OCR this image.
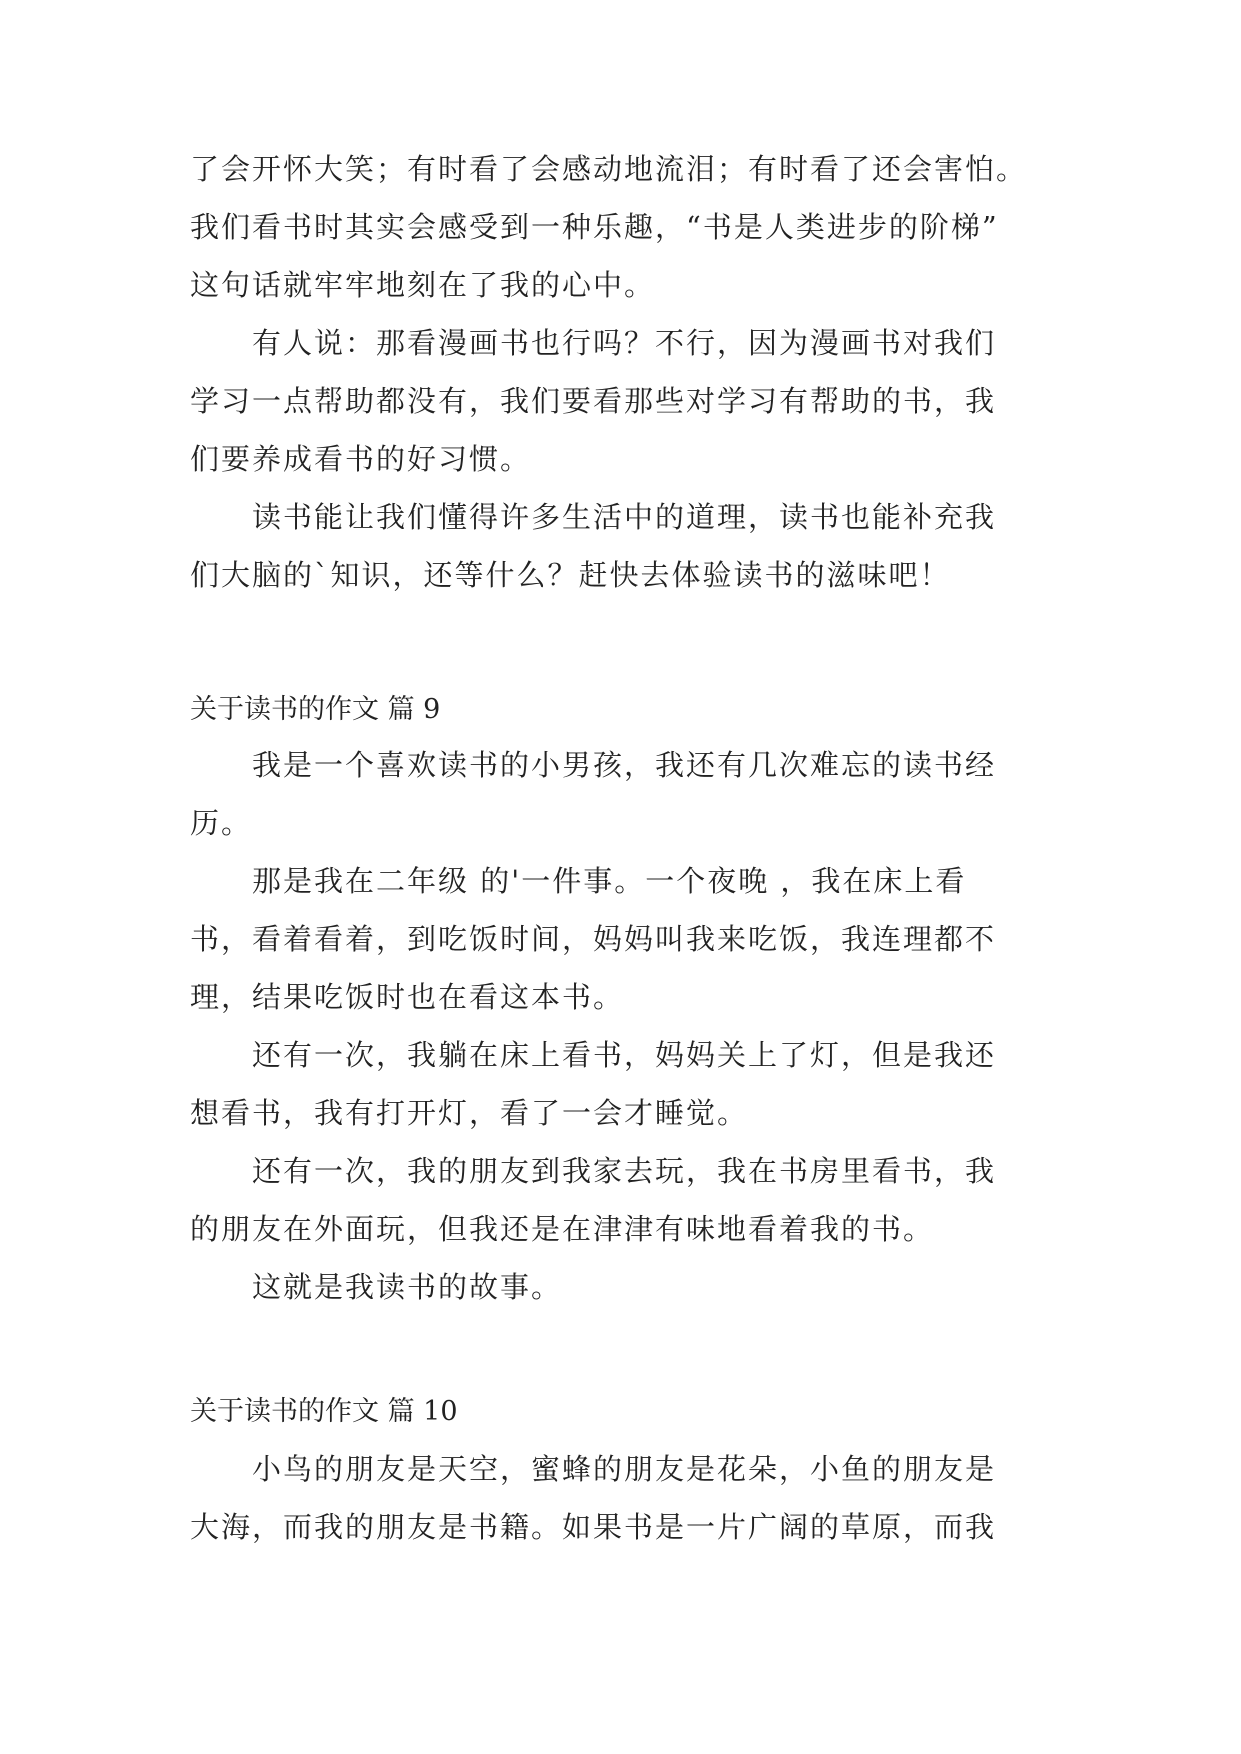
了会开怀大笑；有时看了会感动地流泪；有时看了还会害怕。
我们看书时其实会感受到一种乐趣，“书是人类进步的阶梯”
这句话就牢牢地刻在了我的心中。
　　有人说：那看漫画书也行吗？不行，因为漫画书对我们
学习一点帮助都没有，我们要看那些对学习有帮助的书，我
们要养成看书的好习惯。
　　读书能让我们懂得许多生活中的道理，读书也能补充我
们大脑的`知识，还等什么？赶快去体验读书的滋味吧！
关于读书的作文 篇 9
　　我是一个喜欢读书的小男孩，我还有几次难忘的读书经
历。
　　那是我在二年级 的'一件事。一个夜晚 ，我在床上看
书，看着看着，到吃饭时间，妈妈叫我来吃饭，我连理都不
理，结果吃饭时也在看这本书。
　　还有一次，我躺在床上看书，妈妈关上了灯，但是我还
想看书，我有打开灯，看了一会才睡觉。
　　还有一次，我的朋友到我家去玩，我在书房里看书，我
的朋友在外面玩，但我还是在津津有味地看着我的书。
　　这就是我读书的故事。
关于读书的作文 篇 10
　　小鸟的朋友是天空，蜜蜂的朋友是花朵，小鱼的朋友是
大海，而我的朋友是书籍。如果书是一片广阔的草原，而我
